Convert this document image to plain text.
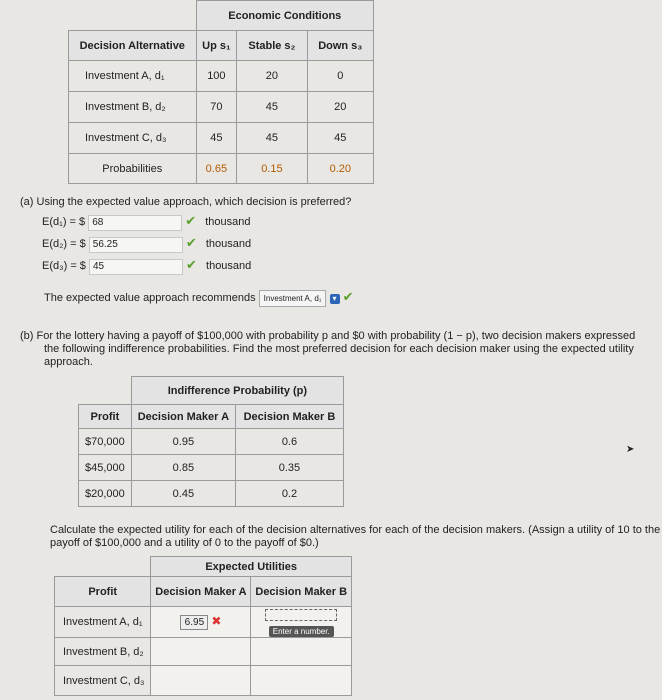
	Economic Conditions		
Decision Alternative	Up s₁	Stable s₂	Down s₃
Investment A, d₁	100	20	0
Investment B, d₂	70	45	20
Investment C, d₃	45	45	45
Probabilities	0.65	0.15	0.20
(a) Using the expected value approach, which decision is preferred?
E(d₁) = $ 68	✔ thousand
E(d₂) = $ 56.25	✔ thousand
E(d₃) = $ 45	✔ thousand
The expected value approach recommends Investment A, d₁ ▾ ✔
(b) For the lottery having a payoff of $100,000 with probability p and $0 with probability (1 − p), two decision makers expressed
the following indifference probabilities. Find the most preferred decision for each decision maker using the expected utility
approach.
	Indifference Probability (p)	
Profit	Decision Maker A	Decision Maker B
$70,000	0.95	0.6
$45,000	0.85	0.35
$20,000	0.45	0.2
Calculate the expected utility for each of the decision alternatives for each of the decision makers. (Assign a utility of 10 to the
payoff of $100,000 and a utility of 0 to the payoff of $0.)
	Expected Utilities	
Profit	Decision Maker A	Decision Maker B
Investment A, d₁	6.95 ✖	Enter a number.
Investment B, d₂		
Investment C, d₃		
➤
